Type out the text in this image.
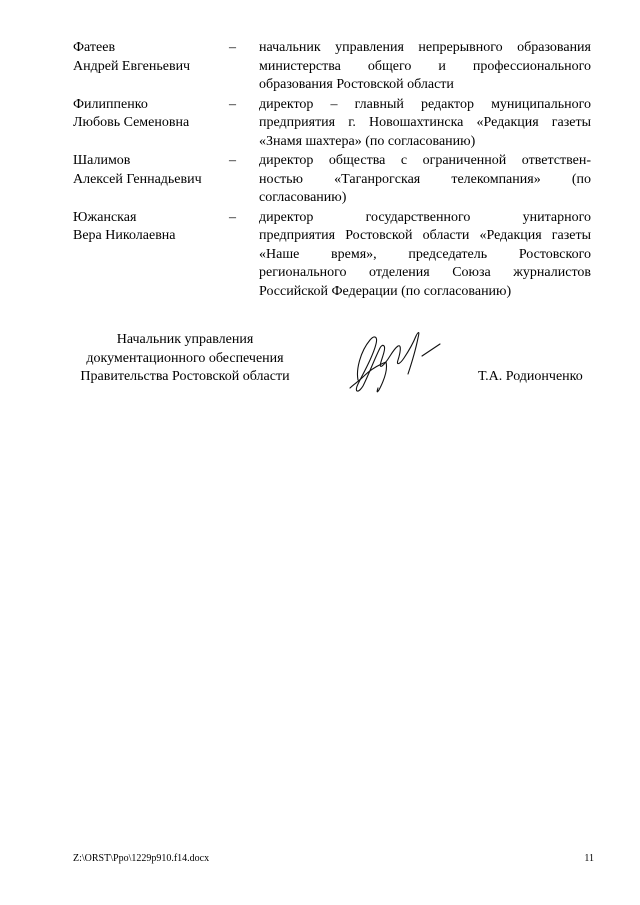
Фатеев
Андрей Евгеньевич
–	начальник управления непрерывного образования
министерства общего и профессионального
образования Ростовской области
Филиппенко
Любовь Семеновна
–	директор – главный редактор муниципального
предприятия г. Новошахтинска «Редакция газеты
«Знамя шахтера» (по согласованию)
Шалимов
Алексей Геннадьевич
–	директор общества с ограниченной ответствен-
ностью «Таганрогская телекомпания» (по
согласованию)
Южанская
Вера Николаевна
–	директор государственного унитарного
предприятия Ростовской области «Редакция газеты
«Наше время», председатель Ростовского
регионального отделения Союза журналистов
Российской Федерации (по согласованию)
Начальник управления
документационного обеспечения
Правительства Ростовской области	Т.А. Родионченко
Z:\ORST\Ppo\1229p910.f14.docx	11
